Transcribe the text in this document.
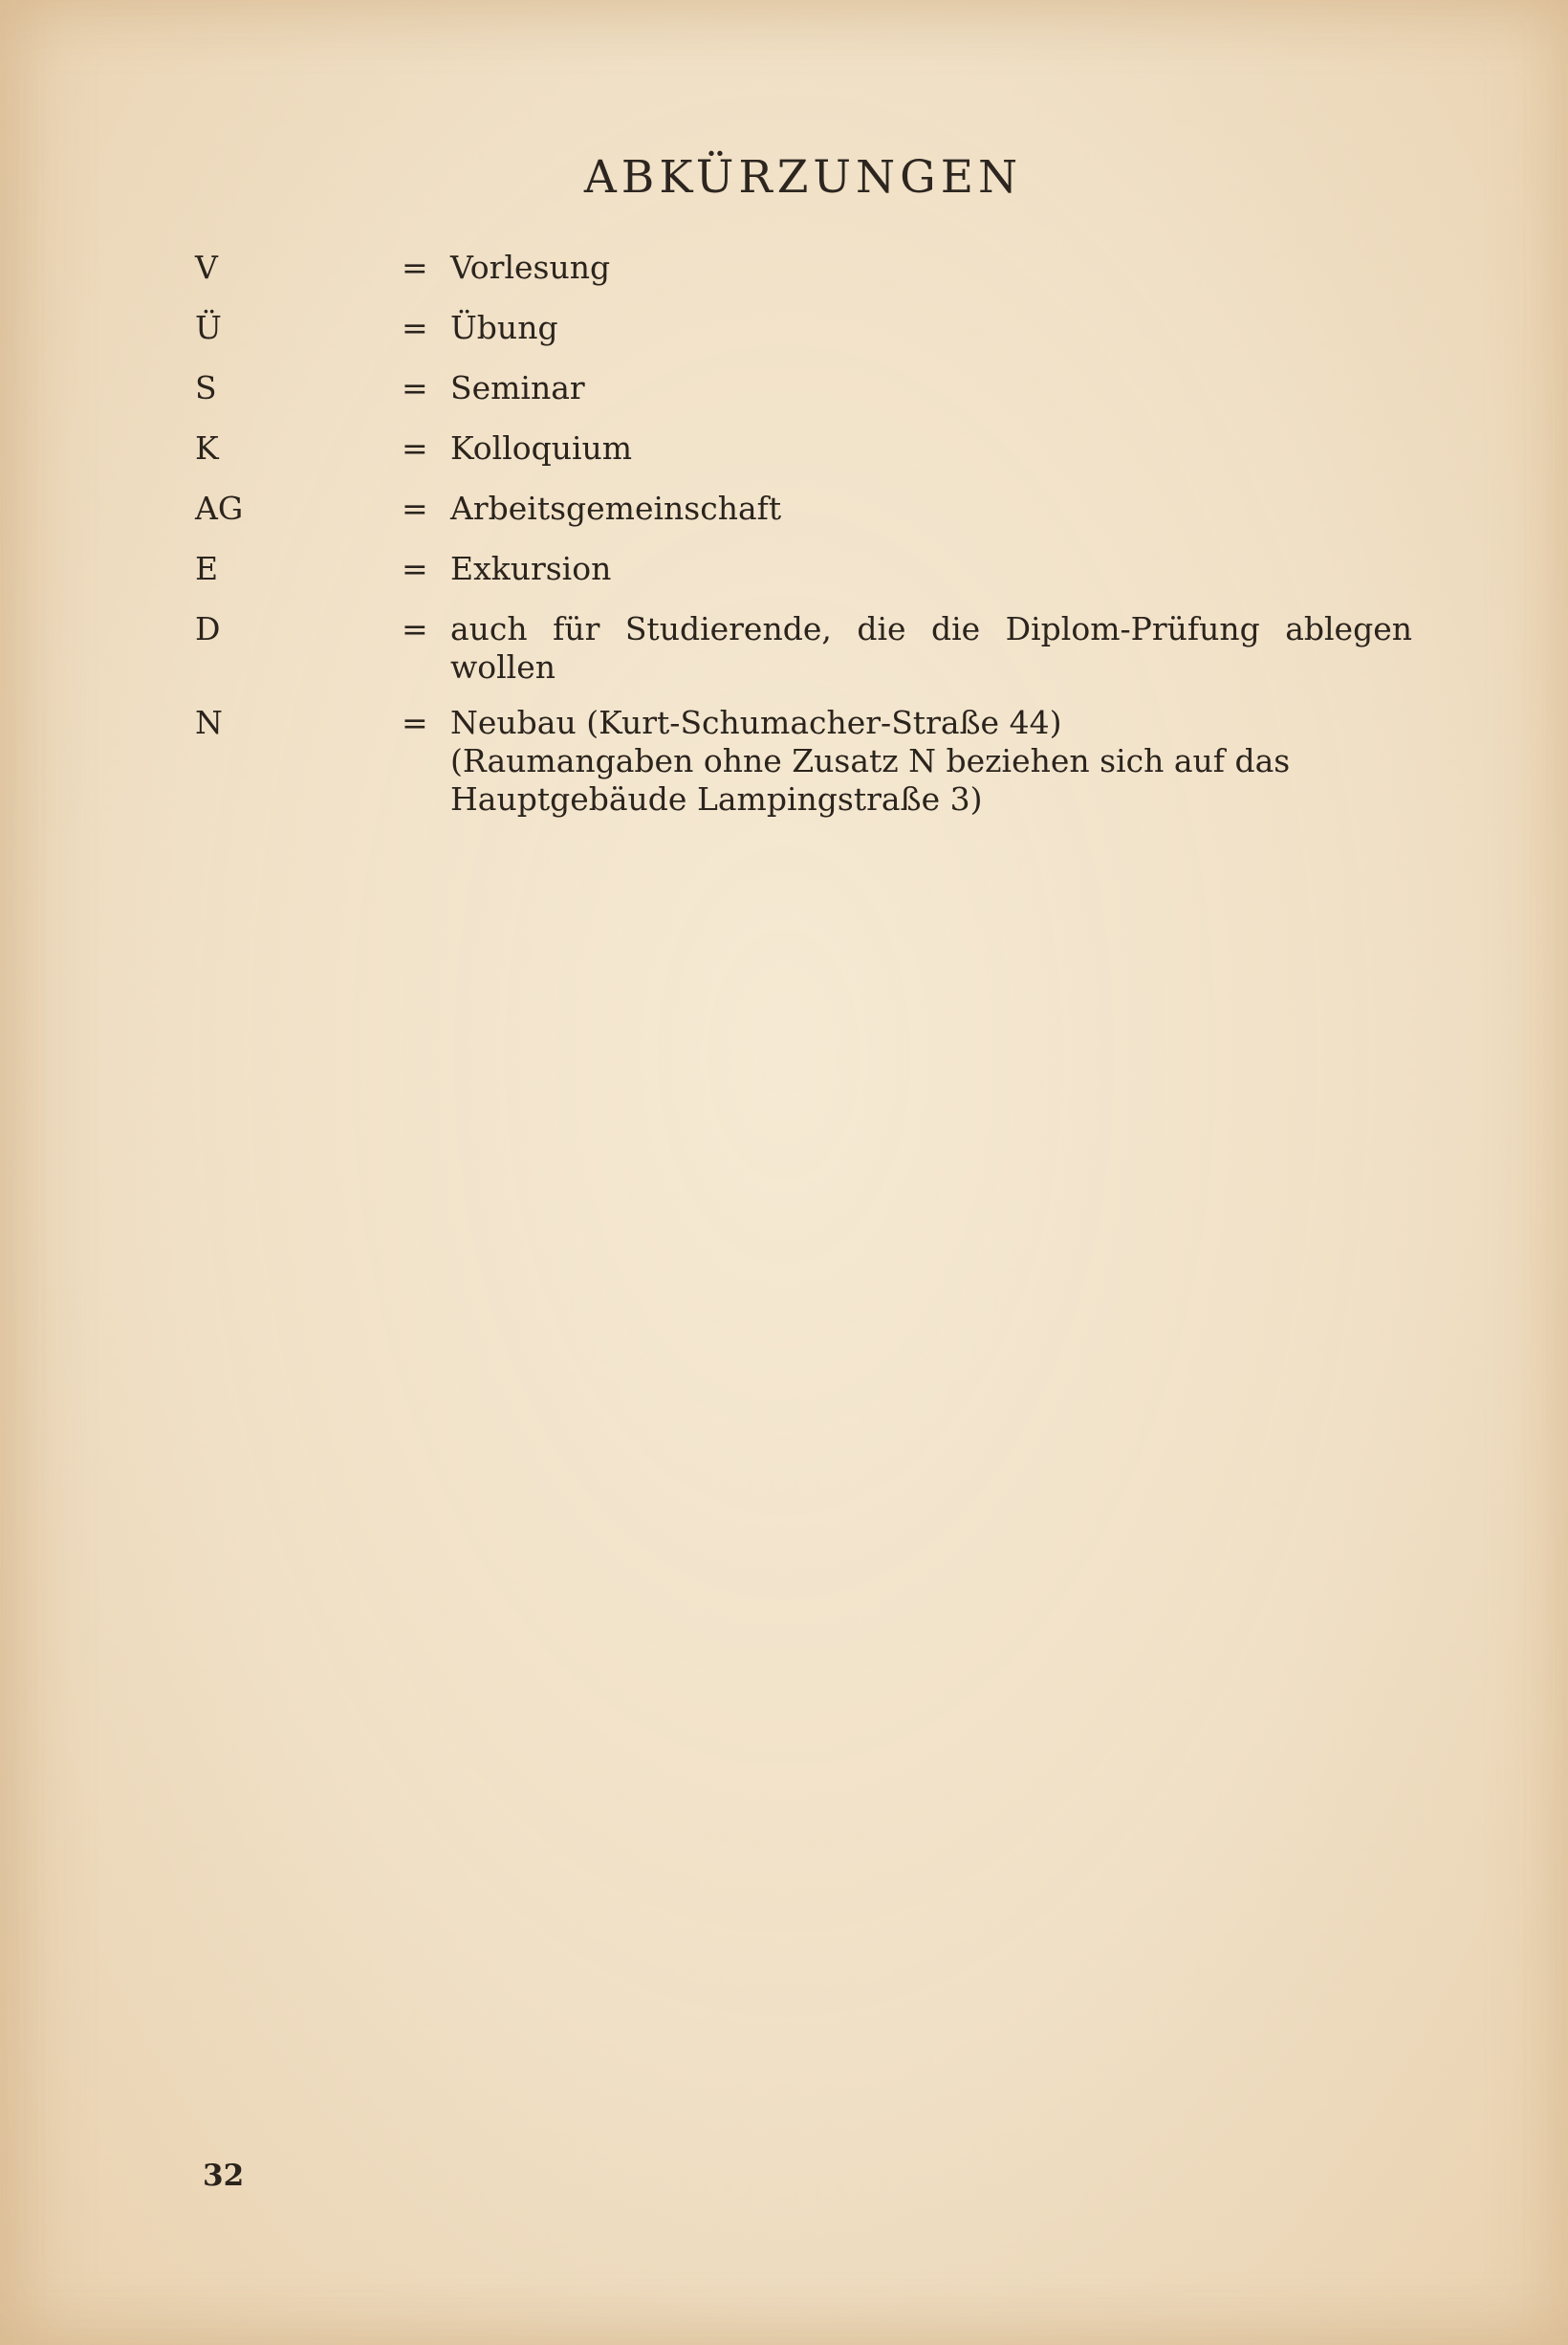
ABKÜRZUNGEN
V	= Vorlesung
Ü	= Übung
S	= Seminar
K	= Kolloquium
AG	= Arbeitsgemeinschaft
E	= Exkursion
D	= auch für Studierende, die die Diplom-Prüfung ablegen wollen
N	= Neubau (Kurt-Schumacher-Straße 44)
(Raumangaben ohne Zusatz N beziehen sich auf das Hauptgebäude Lampingstraße 3)
32
